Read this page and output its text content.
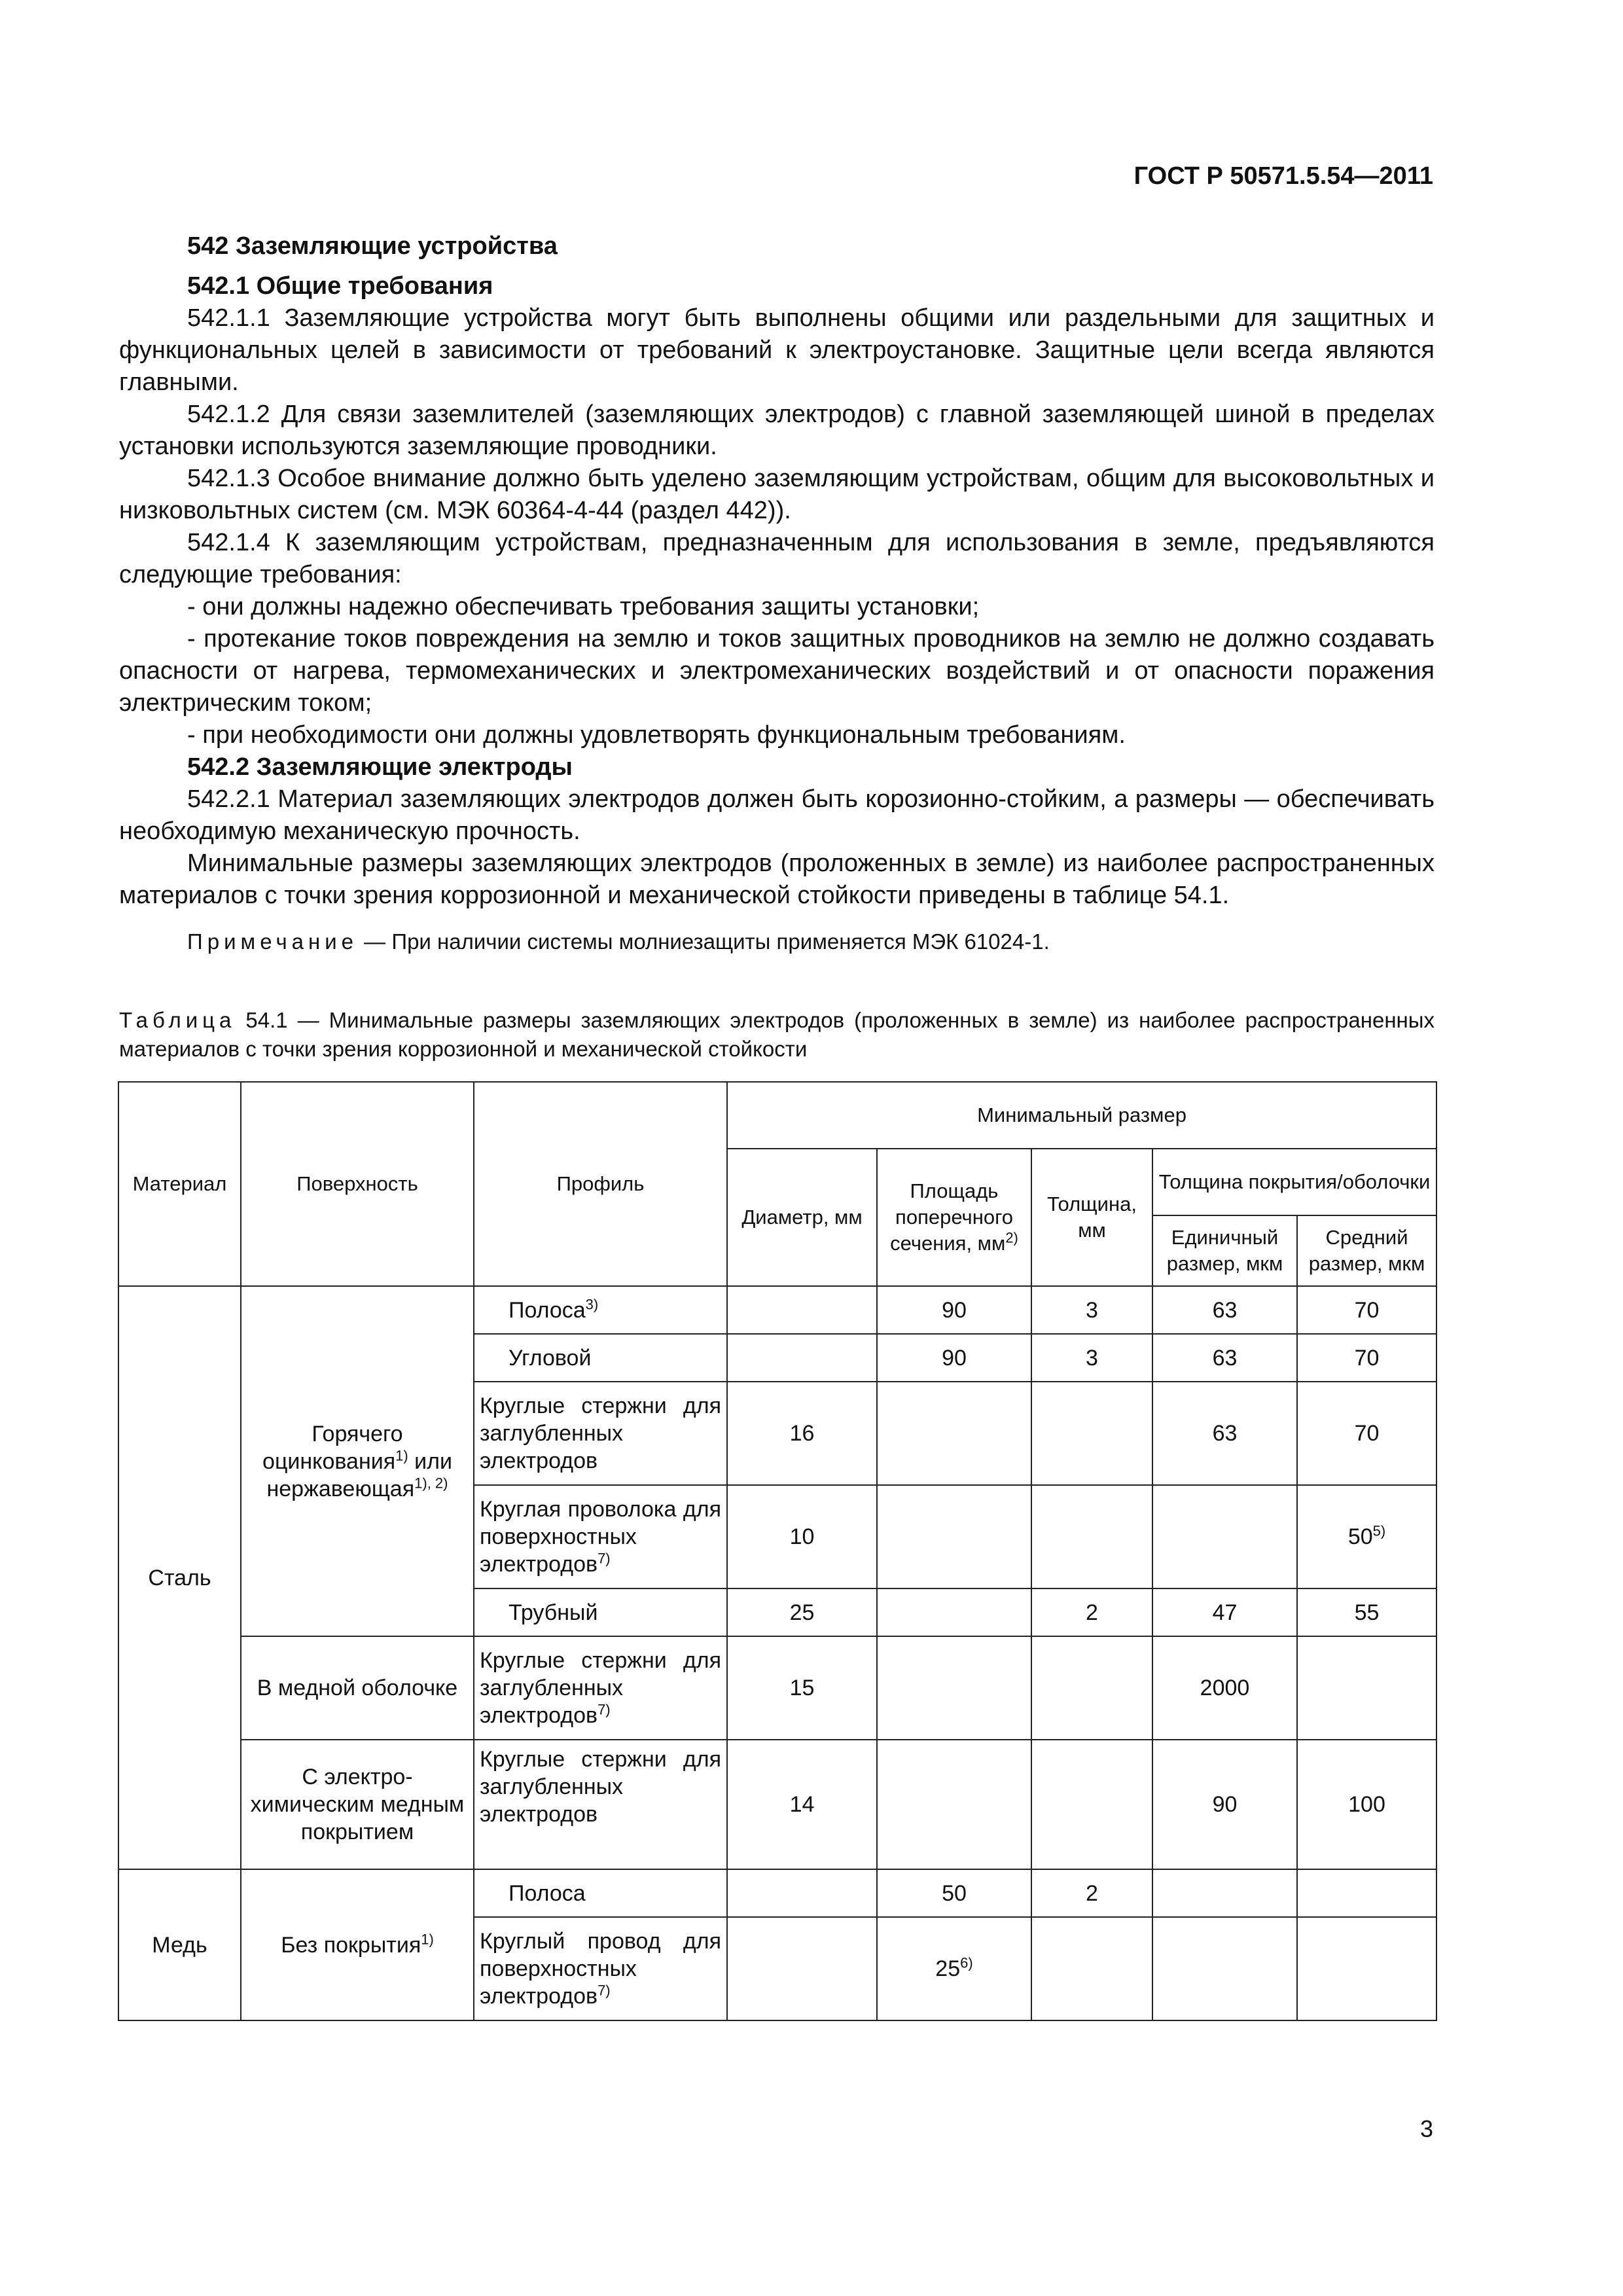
ГОСТ Р 50571.5.54—2011
542 Заземляющие устройства
542.1 Общие требования
542.1.1 Заземляющие устройства могут быть выполнены общими или раздельными для защитных и функциональных целей в зависимости от требований к электроустановке. Защитные цели всегда являются главными.
542.1.2 Для связи заземлителей (заземляющих электродов) с главной заземляющей шиной в пределах установки используются заземляющие проводники.
542.1.3 Особое внимание должно быть уделено заземляющим устройствам, общим для высоковольтных и низковольтных систем (см. МЭК 60364-4-44 (раздел 442)).
542.1.4 К заземляющим устройствам, предназначенным для использования в земле, предъявляются следующие требования:
- они должны надежно обеспечивать требования защиты установки;
- протекание токов повреждения на землю и токов защитных проводников на землю не должно создавать опасности от нагрева, термомеханических и электромеханических воздействий и от опасности поражения электрическим током;
- при необходимости они должны удовлетворять функциональным требованиям.
542.2 Заземляющие электроды
542.2.1 Материал заземляющих электродов должен быть корозионно-стойким, а размеры — обеспечивать необходимую механическую прочность.
Минимальные размеры заземляющих электродов (проложенных в земле) из наиболее распространенных материалов с точки зрения коррозионной и механической стойкости приведены в таблице 54.1.
Примечание — При наличии системы молниезащиты применяется МЭК 61024-1.
Таблица 54.1 — Минимальные размеры заземляющих электродов (проложенных в земле) из наиболее распространенных материалов с точки зрения коррозионной и механической стойкости
Материал	Поверхность	Профиль	Минимальный размер				
			Диаметр, мм	Площадь поперечного сечения, $мм^{2)}$	Толщина, мм	Толщина покрытия/оболочки	
						Единичный размер, мкм	Средний размер, мкм
Сталь	Горячего оцинкования$^{1)}$ или нержавеющая$^{1), 2)}$	Полоса$^{3)}$		90	3	63	70
		Угловой		90	3	63	70
		Круглые стержни для заглубленных электродов	16			63	70
		Круглая проволока для поверхностных электродов$^{7)}$	10				50$^{5)}$
		Трубный	25		2	47	55
	В медной оболочке	Круглые стержни для заглубленных электродов$^{7)}$	15			2000	
	С электро-химическим медным покрытием	Круглые стержни для заглубленных электродов	14			90	100
Медь	Без покрытия$^{1)}$	Полоса		50	2		
		Круглый провод для поверхностных электродов$^{7)}$		25$^{6)}$			
3
